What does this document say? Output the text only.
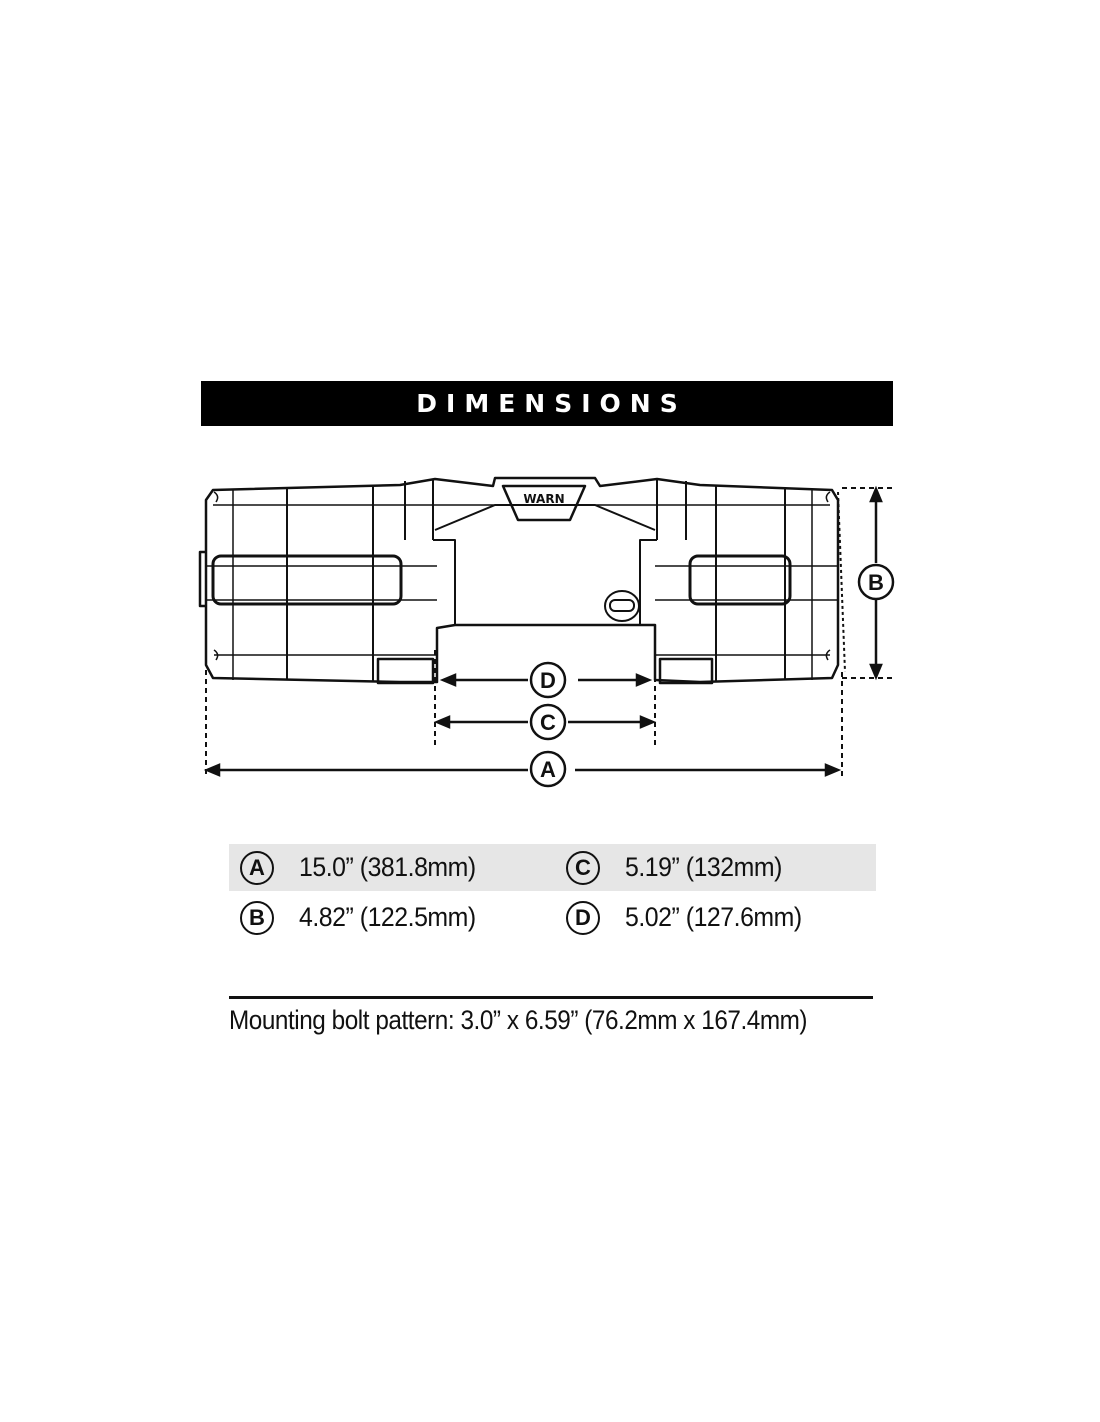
DIMENSIONS
WARN
A
C
D
B
A	15.0” (381.8mm)	C	5.19” (132mm)
B	4.82” (122.5mm)	D	5.02” (127.6mm)
Mounting bolt pattern: 3.0” x 6.59” (76.2mm x 167.4mm)
